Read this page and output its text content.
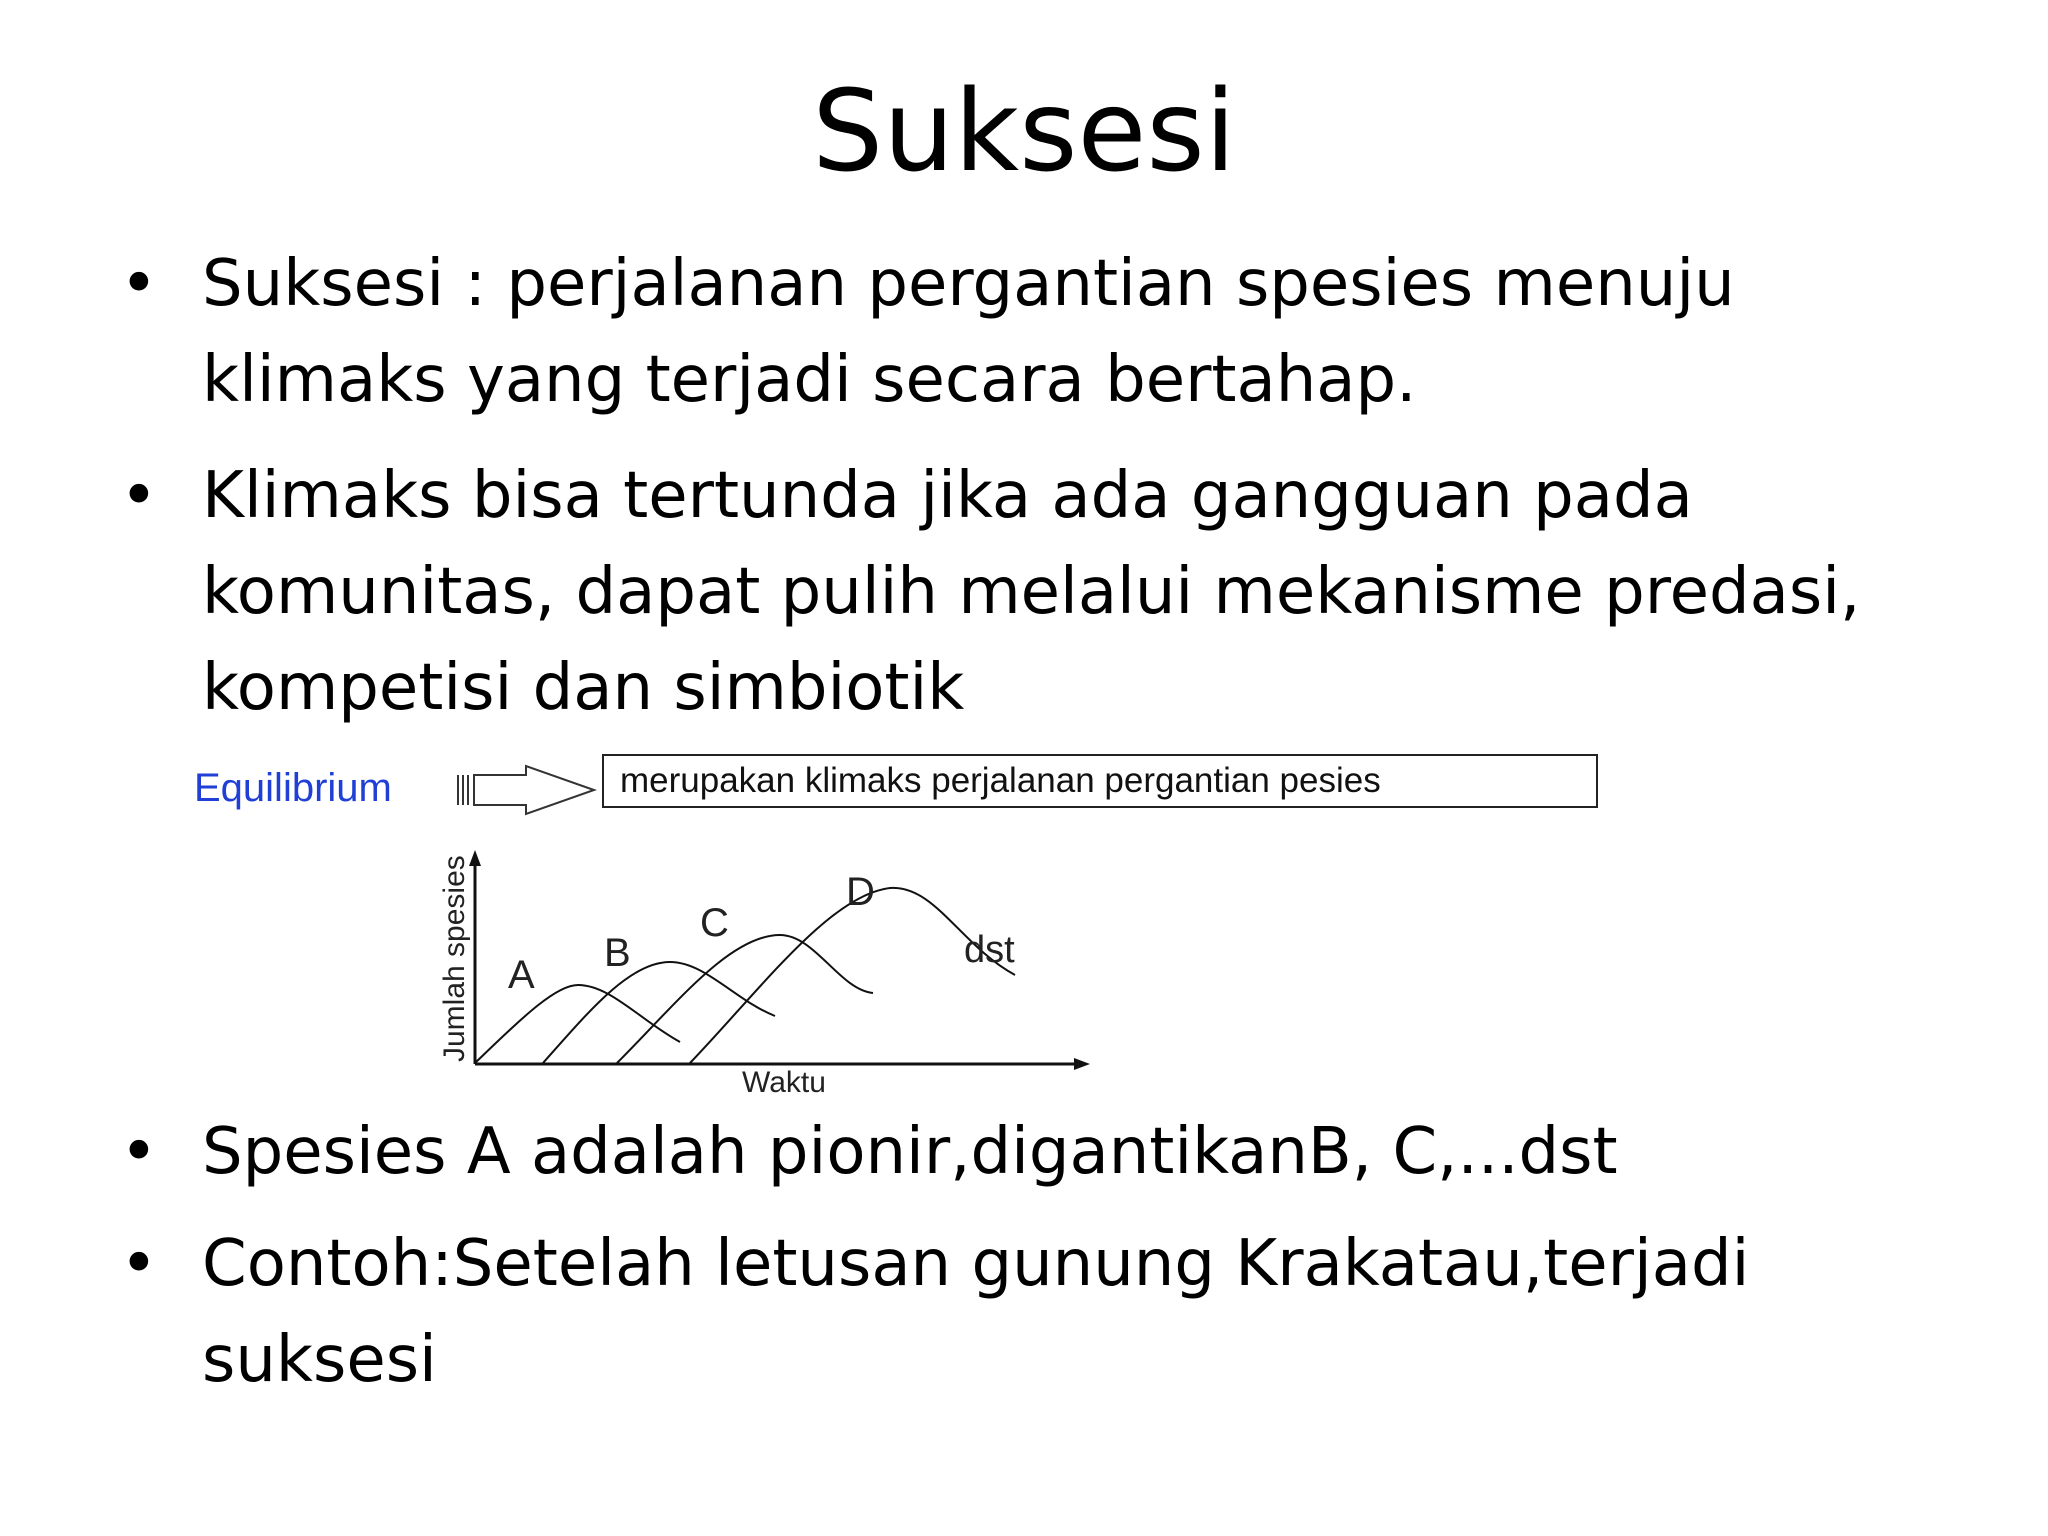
Suksesi
• Suksesi : perjalanan pergantian spesies menuju klimaks yang terjadi secara bertahap.
• Klimaks bisa tertunda jika ada gangguan pada komunitas, dapat pulih melalui mekanisme predasi, kompetisi dan simbiotik
Equilibrium	merupakan klimaks perjalanan pergantian pesies
A B
C
D
dst
Waktu
Jumlah spesies
• Spesies A adalah pionir,digantikanB, C,...dst
• Contoh:Setelah letusan gunung Krakatau,terjadi suksesi
